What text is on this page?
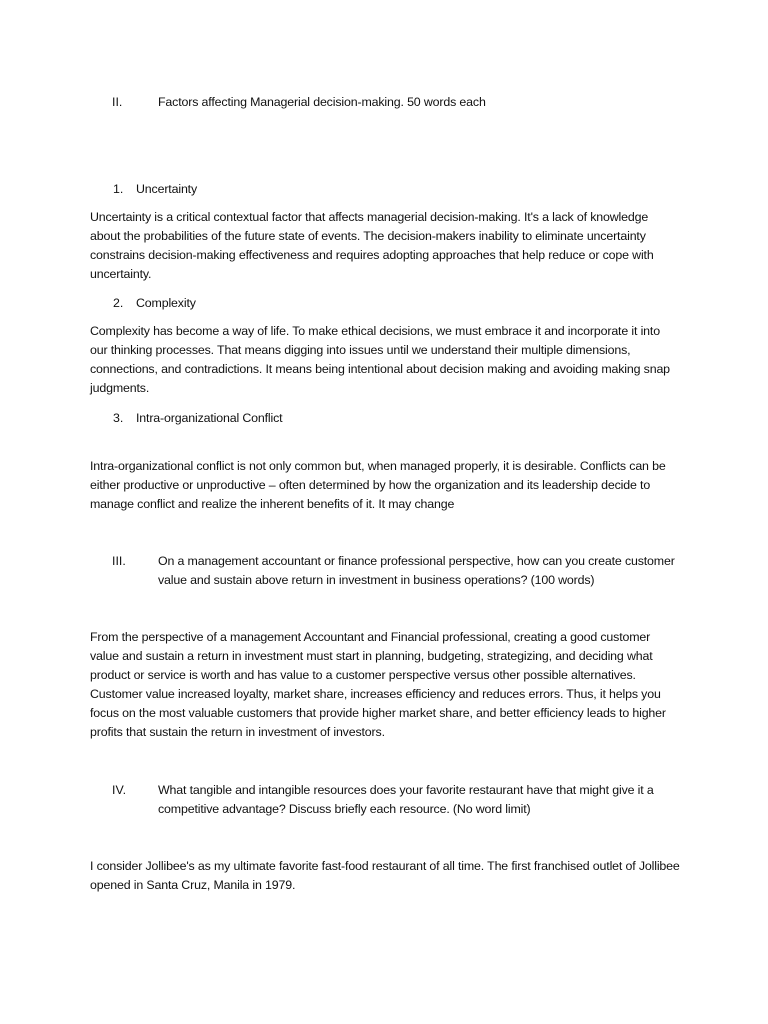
II.	Factors affecting Managerial decision-making. 50 words each
1. Uncertainty

Uncertainty is a critical contextual factor that affects managerial decision-making. It's a lack of knowledge about the probabilities of the future state of events. The decision-makers inability to eliminate uncertainty constrains decision-making effectiveness and requires adopting approaches that help reduce or cope with uncertainty.

2. Complexity

Complexity has become a way of life. To make ethical decisions, we must embrace it and incorporate it into our thinking processes. That means digging into issues until we understand their multiple dimensions, connections, and contradictions. It means being intentional about decision making and avoiding making snap judgments.

3. Intra-organizational Conflict

Intra-organizational conflict is not only common but, when managed properly, it is desirable. Conflicts can be either productive or unproductive – often determined by how the organization and its leadership decide to manage conflict and realize the inherent benefits of it. It may change

III.	On a management accountant or finance professional perspective, how can you create customer value and sustain above return in investment in business operations? (100 words)

From the perspective of a management Accountant and Financial professional, creating a good customer value and sustain a return in investment must start in planning, budgeting, strategizing, and deciding what product or service is worth and has value to a customer perspective versus other possible alternatives. Customer value increased loyalty, market share, increases efficiency and reduces errors. Thus, it helps you focus on the most valuable customers that provide higher market share, and better efficiency leads to higher profits that sustain the return in investment of investors.

IV.	What tangible and intangible resources does your favorite restaurant have that might give it a competitive advantage? Discuss briefly each resource. (No word limit)

I consider Jollibee's as my ultimate favorite fast-food restaurant of all time. The first franchised outlet of Jollibee opened in Santa Cruz, Manila in 1979.
